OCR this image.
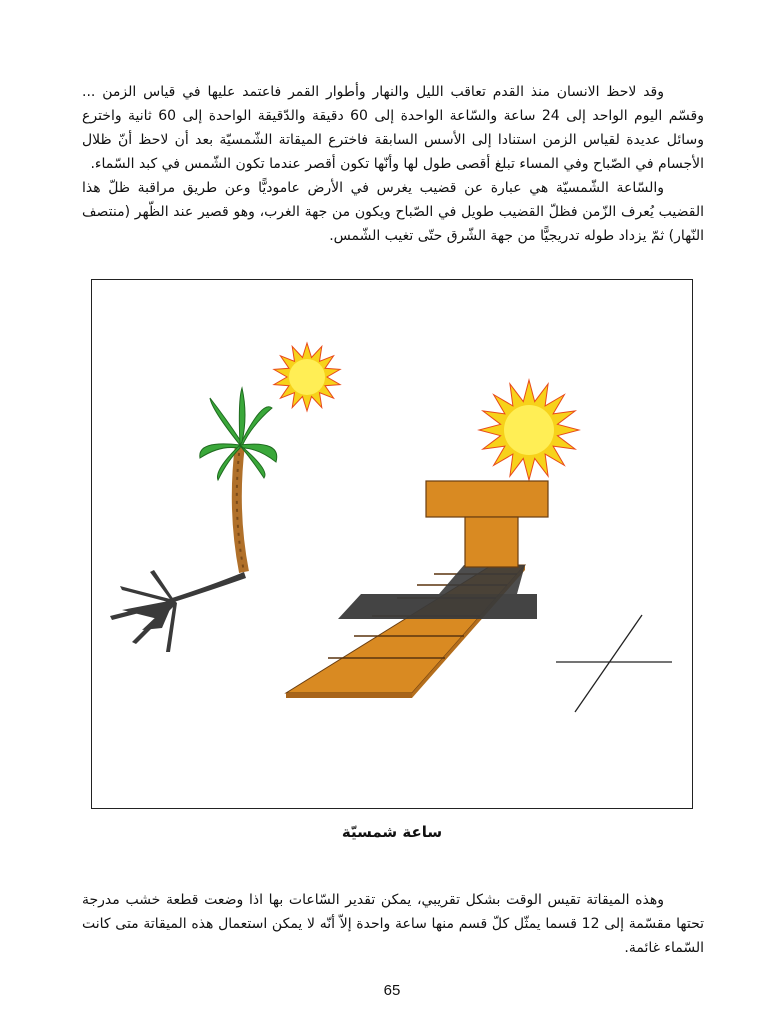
وقد لاحظ الانسان منذ القدم تعاقب الليل والنهار وأطوار القمر فاعتمد عليها في قياس الزمن ... وقسّم اليوم الواحد إلى 24 ساعة والسّاعة الواحدة إلى 60 دقيقة والدّقيقة الواحدة إلى 60 ثانية واخترع وسائل عديدة لقياس الزمن استنادا إلى الأسس السابقة فاخترع الميقاتة الشّمسيّة بعد أن لاحظ أنّ ظلال الأجسام في الصّباح وفي المساء تبلغ أقصى طول لها وأنّها تكون أقصر عندما تكون الشّمس في كبد السّماء.

والسّاعة الشّمسيّة هي عبارة عن قضيب يغرس في الأرض عاموديًّا وعن طريق مراقبة ظلّ هذا القضيب يُعرف الزّمن فظلّ القضيب طويل في الصّباح ويكون من جهة الغرب، وهو قصير عند الظّهر (منتصف النّهار) ثمّ يزداد طوله تدريجيًّا من جهة الشّرق حتّى تغيب الشّمس.

ساعة شمسيّة

وهذه الميقاتة تقيس الوقت بشكل تقريبي، يمكن تقدير السّاعات بها اذا وضعت قطعة خشب مدرجة تحتها مقسّمة إلى 12 قسما يمثّل كلّ قسم منها ساعة واحدة إلاّ أنّه لا يمكن استعمال هذه الميقاتة متى كانت السّماء غائمة.

65
